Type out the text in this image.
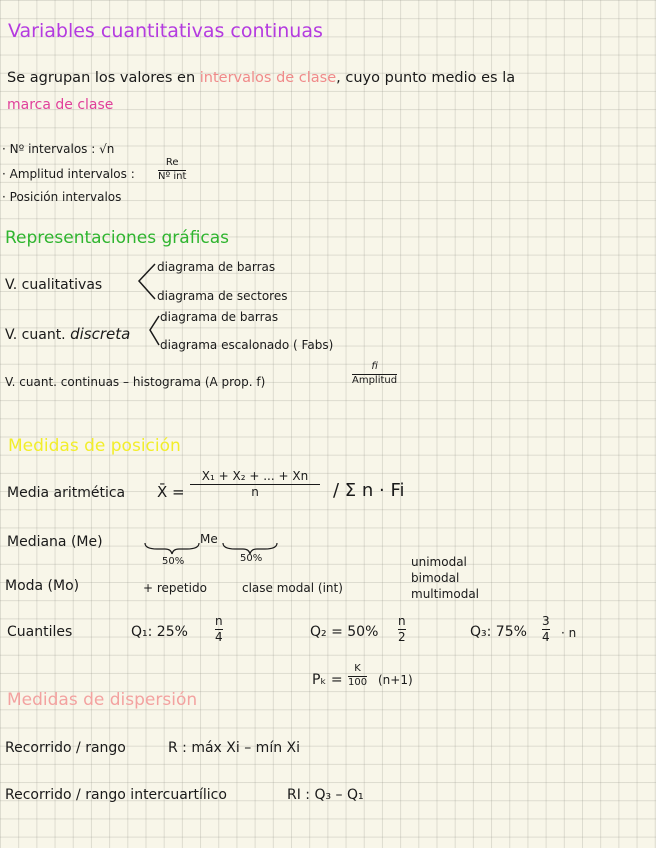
Variables cuantitativas continuas
Se agrupan los valores en intervalos de clase, cuyo punto medio es la
marca de clase
· Nº intervalos : √n
· Amplitud intervalos :
Re
Nº int
· Posición intervalos
Representaciones gráficas
V. cualitativas
diagrama de barras
diagrama de sectores
V. cuant. discreta
diagrama de barras
diagrama escalonado ( Fabs)
V. cuant. continuas – histograma (A prop. f)
fi
Amplitud
Medidas de posición
Media aritmética X̄ =
X₁ + X₂ + ... + Xn
n	/ Σ n · Fi
Mediana (Me)	Me
50%	50%
Moda (Mo)	+ repetido	clase modal (int)
unimodal
bimodal
multimodal
Cuantiles	Q₁: 25%
n
4	Q₂ = 50%
n
2	Q₃: 75%
3
4 · n
Pₖ =
K
100 (n+1)
Medidas de dispersión
Recorrido / rango	R : máx Xi – mín Xi
Recorrido / rango intercuartílico	RI : Q₃ – Q₁
